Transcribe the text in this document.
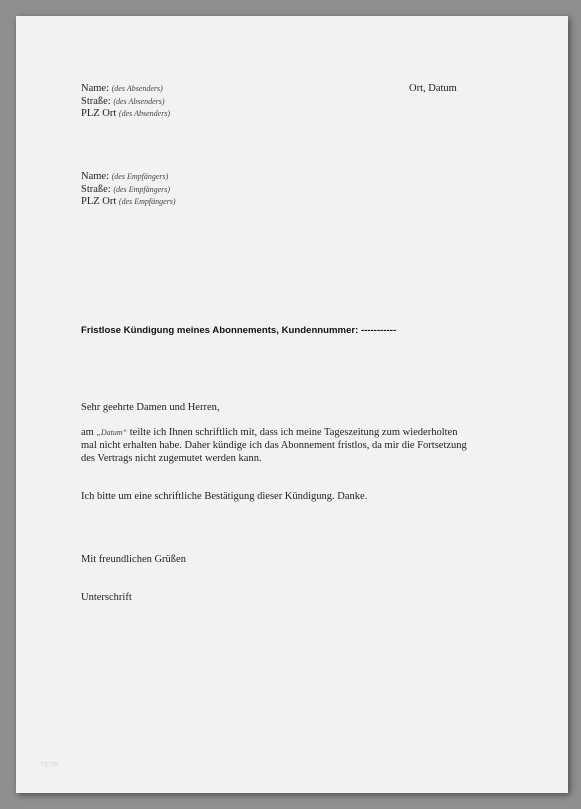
Name: (des Absenders)
Straße: (des Absenders)
PLZ Ort (des Absenders)
Ort, Datum
Name: (des Empfängers)
Straße: (des Empfängers)
PLZ Ort (des Empfängers)
Fristlose Kündigung meines Abonnements, Kundennummer: -----------
Sehr geehrte Damen und Herren,
am „Datum“ teilte ich Ihnen schriftlich mit, dass ich meine Tageszeitung zum wiederholten
mal nicht erhalten habe. Daher kündige ich das Abonnement fristlos, da mir die Fortsetzung
des Vertrags nicht zugemutet werden kann.
Ich bitte um eine schriftliche Bestätigung dieser Kündigung. Danke.
Mit freundlichen Grüßen
Unterschrift
TETR
